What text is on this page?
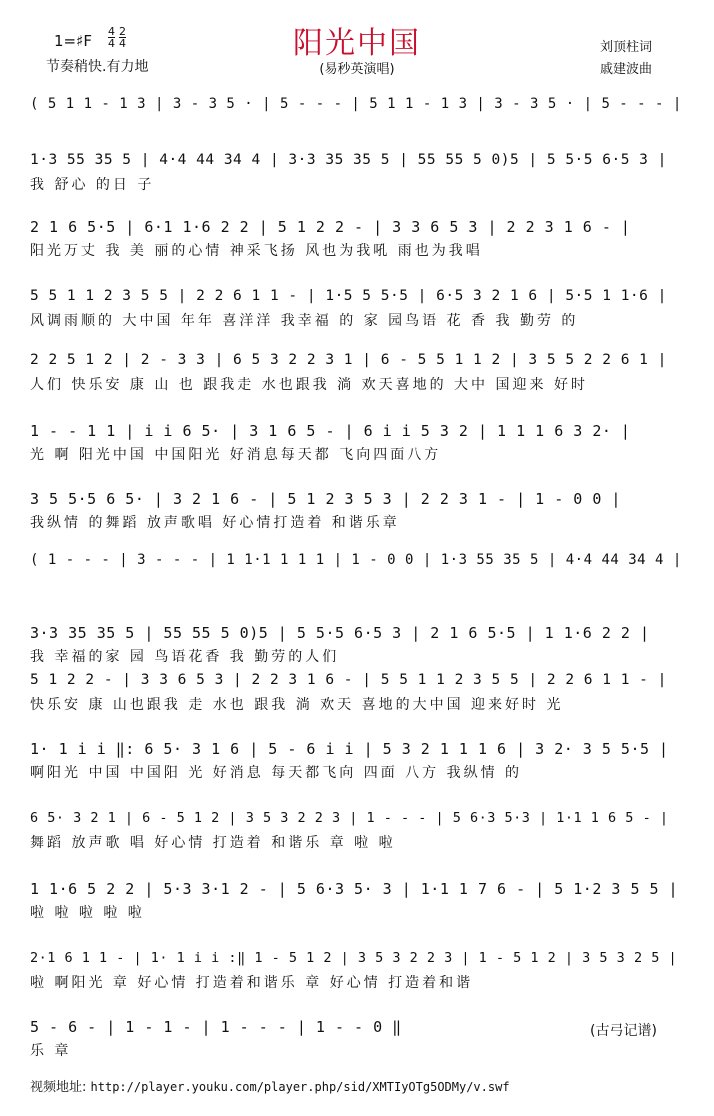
阳光中国
1=♯F $\frac{4}{4} \frac{2}{4}$
节奏稍快.有力地	(易秒英演唱)
刘顶柱词
戚建波曲
( 5 1 1 - 1 3 | 3 - 3 5 · | 5 - - - | 5 1 1 - 1 3 | 3 - 3 5 · | 5 - - - |
1·3 55 35 5 | 4·4 44 34 4 | 3·3 35 35 5 | 55 55 5 0)5 | 5 5·5 6·5 3 |
我 舒心 的日 子
2 1 6 5·5 | 6·1 1·6 2 2 | 5 1 2 2 - | 3 3 6 5 3 | 2 2 3 1 6 - |
阳光万丈 我 美 丽的心情 神采飞扬 风也为我吼 雨也为我唱
5 5 1 1 2 3 5 5 | 2 2 6 1 1 - | 1·5 5 5·5 | 6·5 3 2 1 6 | 5·5 1 1·6 |
风调雨顺的 大中国 年年 喜洋洋 我幸福 的 家 园鸟语 花 香 我 勤劳 的
2 2 5 1 2 | 2 - 3 3 | 6 5 3 2 2 3 1 | 6 - 5 5 1 1 2 | 3 5 5 2 2 6 1 |
人们 快乐安 康 山 也 跟我走 水也跟我 淌 欢天喜地的 大中 国迎来 好时
1 - - 1 1 | i i 6 5· | 3 1 6 5 - | 6 i i 5 3 2 | 1 1 1 6 3 2· |
光 啊 阳光中国 中国阳光 好消息每天都 飞向四面八方
3 5 5·5 6 5· | 3 2 1 6 - | 5 1 2 3 5 3 | 2 2 3 1 - | 1 - 0 0 |
我纵情 的舞蹈 放声歌唱 好心情打造着 和谐乐章
( 1 - - - | 3 - - - | 1 1·1 1 1 1 | 1 - 0 0 | 1·3 55 35 5 | 4·4 44 34 4 |
3·3 35 35 5 | 55 55 5 0)5 | 5 5·5 6·5 3 | 2 1 6 5·5 | 1 1·6 2 2 |
我 幸福的家 园 鸟语花香 我 勤劳的人们
5 1 2 2 - | 3 3 6 5 3 | 2 2 3 1 6 - | 5 5 1 1 2 3 5 5 | 2 2 6 1 1 - |
快乐安 康 山也跟我 走 水也 跟我 淌 欢天 喜地的大中国 迎来好时 光
1· 1 i i ‖: 6 5· 3 1 6 | 5 - 6 i i | 5 3 2 1 1 1 6 | 3 2· 3 5 5·5 |
啊阳光 中国 中国阳 光 好消息 每天都飞向 四面 八方 我纵情 的
6 5· 3 2 1 | 6 - 5 1 2 | 3 5 3 2 2 3 | 1 - - - | 5 6·3 5·3 | 1·1 1 6 5 - |
舞蹈 放声歌 唱 好心情 打造着 和谐乐 章 啦 啦
1 1·6 5 2 2 | 5·3 3·1 2 - | 5 6·3 5· 3 | 1·1 1 7 6 - | 5 1·2 3 5 5 |
啦 啦 啦 啦 啦
2·1 6 1 1 - | 1· 1 i i :‖ 1 - 5 1 2 | 3 5 3 2 2 3 | 1 - 5 1 2 | 3 5 3 2 5 |
啦 啊阳光 章 好心情 打造着和谐乐 章 好心情 打造着和谐
5 - 6 - | 1 - 1 - | 1 - - - | 1 - - 0 ‖
乐 章
(古弓记谱)
视频地址: http://player.youku.com/player.php/sid/XMTIyOTg5ODMy/v.swf
